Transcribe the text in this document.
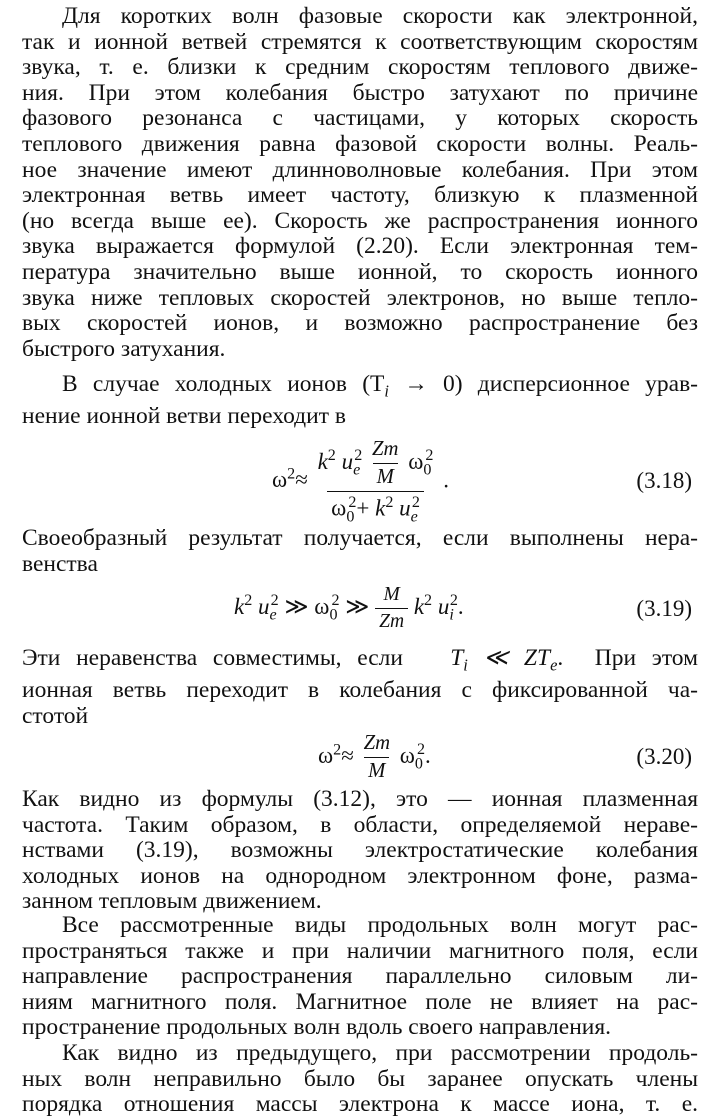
Для коротких волн фазовые скорости как электронной,
так и ионной ветвей стремятся к соответствующим скоростям
звука, т. е. близки к средним скоростям теплового движе-
ния. При этом колебания быстро затухают по причине
фазового резонанса с частицами, у которых скорость
теплового движения равна фазовой скорости волны. Реаль-
ное значение имеют длинноволновые колебания. При этом
электронная ветвь имеет частоту, близкую к плазменной
(но всегда выше ее). Скорость же распространения ионного
звука выражается формулой (2.20). Если электронная тем-
пература значительно выше ионной, то скорость ионного
звука ниже тепловых скоростей электронов, но выше тепло-
вых скоростей ионов, и возможно распространение без
быстрого затухания.
В случае холодных ионов $(T_i \to 0)$ дисперсионное урав-
нение ионной ветви переходит в
$\omega^2\approx \frac{k^2 u_e^2 \frac{Zm}{M} \omega_0^2}{\omega_0^2+ k^2 u_e^2}$ .	(3.18)
Своеобразный результат получается, если выполнены нера-
венства
$k^2$ $u_e^2$ ≫ $\omega_0^2$ ≫ $\frac{M}{Zm} k^2$ $u_i^2$.	(3.19)
Эти неравенства совместимы, если $T_i$ ≪ $ZT_e$.  При этом
ионная ветвь переходит в колебания с фиксированной ча-
стотой
$\omega^2\approx \frac{Zm}{M} \omega_0^2$.	(3.20)
Как видно из формулы (3.12), это — ионная плазменная
частота. Таким образом, в области, определяемой нераве-
нствами (3.19), возможны электростатические колебания
холодных ионов на однородном электронном фоне, разма-
занном тепловым движением.
Все рассмотренные виды продольных волн могут рас-
пространяться также и при наличии магнитного поля, если
направление распространения параллельно силовым ли-
ниям магнитного поля. Магнитное поле не влияет на рас-
пространение продольных волн вдоль своего направления.
Как видно из предыдущего, при рассмотрении продоль-
ных волн неправильно было бы заранее опускать члены
порядка отношения массы электрона к массе иона, т. е.
